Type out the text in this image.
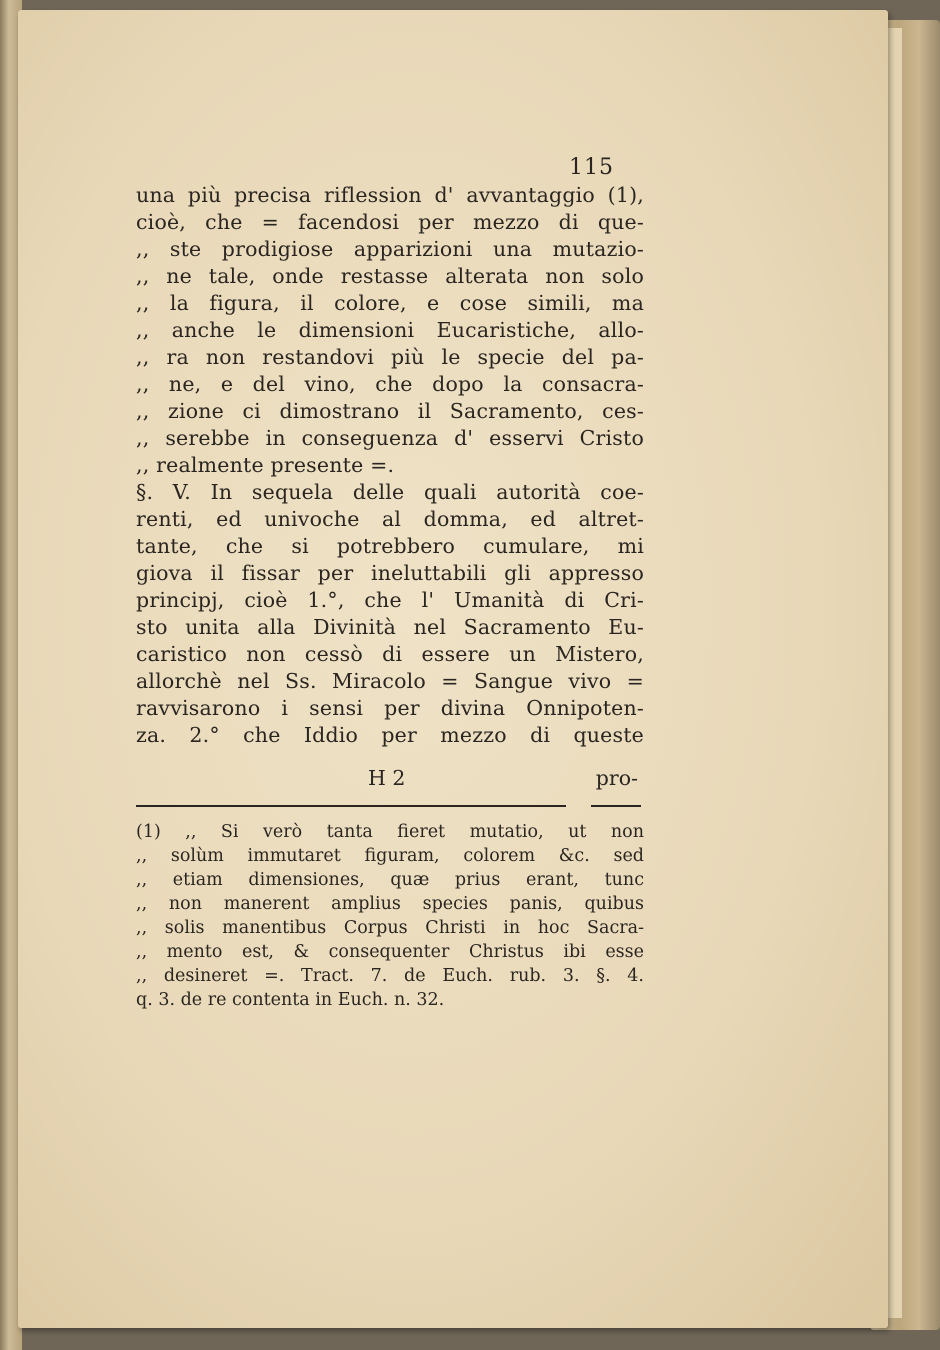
115
una più precisa riflession d' avvantaggio (1),
cioè, che = facendosi per mezzo di que-
,, ste prodigiose apparizioni una mutazio-
,, ne tale, onde restasse alterata non solo
,, la figura, il colore, e cose simili, ma
,, anche le dimensioni Eucaristiche, allo-
,, ra non restandovi più le specie del pa-
,, ne, e del vino, che dopo la consacra-
,, zione ci dimostrano il Sacramento, ces-
,, serebbe in conseguenza d' esservi Cristo
,, realmente presente =.
§. V. In sequela delle quali autorità coe-
renti, ed univoche al domma, ed altret-
tante, che si potrebbero cumulare, mi
giova il fissar per ineluttabili gli appresso
principj, cioè 1.°, che l' Umanità di Cri-
sto unita alla Divinità nel Sacramento Eu-
caristico non cessò di essere un Mistero,
allorchè nel Ss. Miracolo = Sangue vivo =
ravvisarono i sensi per divina Onnipoten-
za. 2.° che Iddio per mezzo di queste
H 2	pro-
(1) ,, Si verò tanta fieret mutatio, ut non
,, solùm immutaret figuram, colorem &c. sed
,, etiam dimensiones, quæ prius erant, tunc
,, non manerent amplius species panis, quibus
,, solis manentibus Corpus Christi in hoc Sacra-
,, mento est, & consequenter Christus ibi esse
,, desineret =. Tract. 7. de Euch. rub. 3. §. 4.
q. 3. de re contenta in Euch. n. 32.
